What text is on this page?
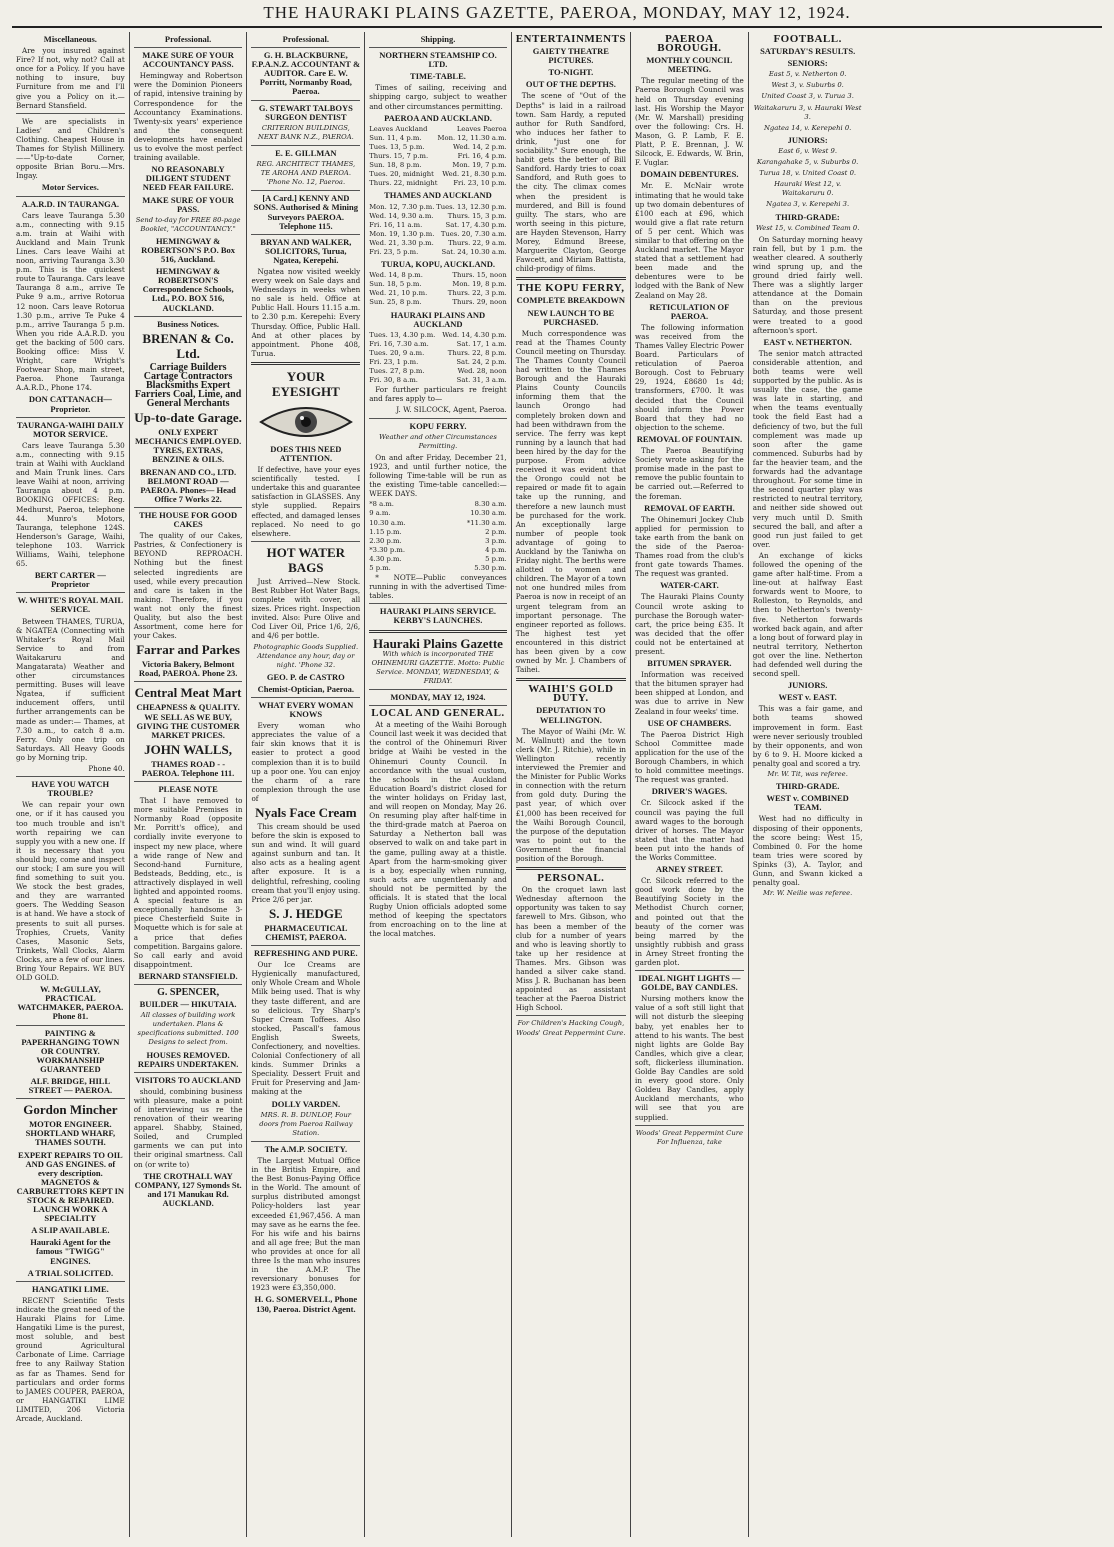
THE HAURAKI PLAINS GAZETTE, PAEROA, MONDAY, MAY 12, 1924.
Miscellaneous.

Are you insured against Fire? If not, why not? Call at once for a Policy. If you have nothing to insure, buy Furniture from me and I'll give you a Policy on it.—Bernard Stansfield.

We are specialists in Ladies' and Children's Clothing. Cheapest House in Thames for Stylish Millinery.——"Up-to-date Corner, opposite Brian Boru.—Mrs. Ingay.

Motor Services.
A.A.R.D. IN TAURANGA.

Cars leave Tauranga 5.30 a.m., connecting with 9.15 a.m. train at Waihi with Auckland and Main Trunk Lines. Cars leave Waihi at noon, arriving Tauranga 3.30 p.m. This is the quickest route to Tauranga. Cars leave Tauranga 8 a.m., arrive Te Puke 9 a.m., arrive Rotorua 12 noon. Cars leave Rotorua 1.30 p.m., arrive Te Puke 4 p.m., arrive Tauranga 5 p.m. When you ride A.A.R.D. you get the backing of 500 cars. Booking office: Miss V. Wright, care Wright's Footwear Shop, main street, Paeroa. Phone Tauranga A.A.R.D., Phone 174.

DON CATTANACH—Proprietor.
TAURANGA-WAIHI DAILY MOTOR SERVICE.

Cars leave Tauranga 5.30 a.m., connecting with 9.15 train at Waihi with Auckland and Main Trunk lines. Cars leave Waihi at noon, arriving Tauranga about 4 p.m. BOOKING OFFICES: Reg. Medhurst, Paeroa, telephone 44. Munro's Motors, Tauranga, telephone 124S. Henderson's Garage, Waihi, telephone 103. Warrick Williams, Waihi, telephone 65.

BERT CARTER — Proprietor
W. WHITE'S ROYAL MAIL SERVICE.

Between THAMES, TURUA, & NGATEA (Connecting with Whitaker's Royal Mail Service to and from Waitakaruru and Mangatarata) Weather and other circumstances permitting. Buses will leave Ngatea, if sufficient inducement offers, until further arrangements can be made as under:— Thames, at 7.30 a.m., to catch 8 a.m. Ferry. Only one trip on Saturdays. All Heavy Goods go by Morning trip.

Phone 40.
HAVE YOU WATCH TROUBLE?

We can repair your own one, or if it has caused you too much trouble and isn't worth repairing we can supply you with a new one. If it is necessary that you should buy, come and inspect our stock; I am sure you will find something to suit you. We stock the best grades, and they are warranted goers. The Wedding Season is at hand. We have a stock of presents to suit all purses. Trophies, Cruets, Vanity Cases, Masonic Sets, Trinkets, Wall Clocks, Alarm Clocks, are a few of our lines. Bring Your Repairs. WE BUY OLD GOLD.

W. McGULLAY, PRACTICAL WATCHMAKER, PAEROA. Phone 81.
PAINTING & PAPERHANGING TOWN OR COUNTRY. WORKMANSHIP GUARANTEED
ALF. BRIDGE, HILL STREET — PAEROA.

Gordon Mincher

MOTOR ENGINEER. SHORTLAND WHARF, THAMES SOUTH.
EXPERT REPAIRS TO OIL AND GAS ENGINES. of every description. MAGNETOS & CARBURETTORS KEPT IN STOCK & REPAIRED. LAUNCH WORK A SPECIALITY
A SLIP AVAILABLE.
Hauraki Agent for the famous "TWIGG" ENGINES.
A TRIAL SOLICITED.
HANGATIKI LIME.

RECENT Scientific Tests indicate the great need of the Hauraki Plains for Lime. Hangatiki Lime is the purest, most soluble, and best ground Agricultural Carbonate of Lime. Carriage free to any Railway Station as far as Thames. Send for particulars and order forms to JAMES COUPER, PAEROA, or HANGATIKI LIME LIMITED, 206 Victoria Arcade, Auckland.

Professional.
MAKE SURE OF YOUR ACCOUNTANCY PASS.

Hemingway and Robertson were the Dominion Pioneers of rapid, intensive training by Correspondence for the Accountancy Examinations. Twenty-six years' experience and the consequent developments have enabled us to evolve the most perfect training available.

NO REASONABLY DILIGENT STUDENT NEED FEAR FAILURE.
MAKE SURE OF YOUR PASS.
Send to-day for FREE 80-page Booklet, "ACCOUNTANCY."
HEMINGWAY & ROBERTSON'S P.O. Box 516, Auckland.
HEMINGWAY & ROBERTSON'S Correspondence Schools, Ltd., P.O. BOX 516, AUCKLAND.
Business Notices.

BRENAN & Co. Ltd.

Carriage Builders Cartage Contractors Blacksmiths Expert Farriers Coal, Lime, and General Merchants

Up-to-date Garage.

ONLY EXPERT MECHANICS EMPLOYED. TYRES, EXTRAS, BENZINE & OILS.
BRENAN AND CO., LTD. BELMONT ROAD — PAEROA. Phones— Head Office 7 Works 22.
THE HOUSE FOR GOOD CAKES

The quality of our Cakes, Pastries, & Confectionery is BEYOND REPROACH. Nothing but the finest selected ingredients are used, while every precaution and care is taken in the making. Therefore, if you want not only the finest Quality, but also the best Assortment, come here for your Cakes.

Farrar and Parkes

Victoria Bakery, Belmont Road, PAEROA. Phone 23.

Central Meat Mart

CHEAPNESS & QUALITY. WE SELL AS WE BUY, GIVING THE CUSTOMER MARKET PRICES.

JOHN WALLS,

THAMES ROAD - - PAEROA. Telephone 111.
PLEASE NOTE

That I have removed to more suitable Premises in Normanby Road (opposite Mr. Porritt's office), and cordially invite everyone to inspect my new place, where a wide range of New and Second-hand Furniture, Bedsteads, Bedding, etc., is attractively displayed in well lighted and appointed rooms. A special feature is an exceptionally handsome 3-piece Chesterfield Suite in Moquette which is for sale at a price that defies competition. Bargains galore. So call early and avoid disappointment.

BERNARD STANSFIELD.

G. SPENCER,

BUILDER — HIKUTAIA.
All classes of building work undertaken. Plans & specifications submitted. 100 Designs to select from.
HOUSES REMOVED. REPAIRS UNDERTAKEN.
VISITORS TO AUCKLAND

should, combining business with pleasure, make a point of interviewing us re the renovation of their wearing apparel. Shabby, Stained, Soiled, and Crumpled garments we can put into their original smartness. Call on (or write to)

THE CROTHALL WAY COMPANY, 127 Symonds St. and 171 Manukau Rd. AUCKLAND.
Professional.
G. H. BLACKBURNE, F.P.A.N.Z. ACCOUNTANT & AUDITOR. Care E. W. Porritt, Normanby Road, Paeroa.
G. STEWART TALBOYS SURGEON DENTIST
CRITERION BUILDINGS, NEXT BANK N.Z., PAEROA.
E. E. GILLMAN
REG. ARCHITECT THAMES, TE AROHA AND PAEROA. 'Phone No. 12, Paeroa.
[A Card.] KENNY AND SONS. Authorised & Mining Surveyors PAEROA. Telephone 115.
BRYAN AND WALKER, SOLICITORS, Turua, Ngatea, Kerepehi.

Ngatea now visited weekly every week on Sale days and Wednesdays in weeks when no sale is held. Office at Public Hall. Hours 11.15 a.m. to 2.30 p.m. Kerepehi: Every Thursday. Office, Public Hall. And at other places by appointment. Phone 408, Turua.

YOUR EYESIGHT

DOES THIS NEED ATTENTION.

If defective, have your eyes scientifically tested. I undertake this and guarantee satisfaction in GLASSES. Any style supplied. Repairs effected, and damaged lenses replaced. No need to go elsewhere.

HOT WATER BAGS

Just Arrived—New Stock. Best Rubber Hot Water Bags, complete with cover, all sizes. Prices right. Inspection invited. Also: Pure Olive and Cod Liver Oil, Price 1/6, 2/6, and 4/6 per bottle.

Photographic Goods Supplied. Attendance any hour, day or night. 'Phone 32.
GEO. P. de CASTRO
Chemist-Optician, Paeroa.
WHAT EVERY WOMAN KNOWS

Every woman who appreciates the value of a fair skin knows that it is easier to protect a good complexion than it is to build up a poor one. You can enjoy the charm of a rare complexion through the use of

Nyals Face Cream

This cream should be used before the skin is exposed to sun and wind. It will guard against sunburn and tan. It also acts as a healing agent after exposure. It is a delightful, refreshing, cooling cream that you'll enjoy using. Price 2/6 per jar.

S. J. HEDGE

PHARMACEUTICAL CHEMIST, PAEROA.
REFRESHING AND PURE.

Our Ice Creams are Hygienically manufactured, only Whole Cream and Whole Milk being used. That is why they taste different, and are so delicious. Try Sharp's Super Cream Toffees. Also stocked, Pascall's famous English Sweets, Confectionery, and novelties. Colonial Confectionery of all kinds. Summer Drinks a Speciality. Dessert Fruit and Fruit for Preserving and Jam-making at the

DOLLY VARDEN.
MRS. R. B. DUNLOP, Four doors from Paeroa Railway Station.
The A.M.P. SOCIETY.

The Largest Mutual Office in the British Empire, and the Best Bonus-Paying Office in the World. The amount of surplus distributed amongst Policy-holders last year exceeded £1,967,456. A man may save as he earns the fee. For his wife and his bairns and all age free; But the man who provides at once for all three Is the man who insures in the A.M.P. The reversionary bonuses for 1923 were £3,350,000.

H. G. SOMERVELL, Phone 130, Paeroa. District Agent.
Shipping.
NORTHERN STEAMSHIP CO. LTD.
TIME-TABLE.

Times of sailing, receiving and shipping cargo, subject to weather and other circumstances permitting.

PAEROA AND AUCKLAND.
Leaves Auckland	Leaves Paeroa
Sun. 11, 4 p.m.	Mon. 12, 11.30 a.m.
Tues. 13, 5 p.m.	Wed. 14, 2 p.m.
Thurs. 15, 7 p.m.	Fri. 16, 4 p.m.
Sun. 18, 8 p.m.	Mon. 19, 7 p.m.
Tues. 20, midnight	Wed. 21, 8.30 p.m.
Thurs. 22, midnight	Fri. 23, 10 p.m.
THAMES AND AUCKLAND
Mon. 12, 7.30 p.m.	Tues. 13, 12.30 p.m.
Wed. 14, 9.30 a.m.	Thurs. 15, 3 p.m.
Fri. 16, 11 a.m.	Sat. 17, 4.30 p.m.
Mon. 19, 1.30 p.m.	Tues. 20, 7.30 a.m.
Wed. 21, 3.30 p.m.	Thurs. 22, 9 a.m.
Fri. 23, 5 p.m.	Sat. 24, 10.30 a.m.
TURUA, KOPU, AUCKLAND.
Wed. 14, 8 p.m.	Thurs. 15, noon
Sun. 18, 5 p.m.	Mon. 19, 8 p.m.
Wed. 21, 10 p.m.	Thurs. 22, 3 p.m.
Sun. 25, 8 p.m.	Thurs. 29, noon
HAURAKI PLAINS AND AUCKLAND
Tues. 13, 4.30 p.m.	Wed. 14, 4.30 p.m.
Fri. 16, 7.30 a.m.	Sat. 17, 1 a.m.
Tues. 20, 9 a.m.	Thurs. 22, 8 p.m.
Fri. 23, 1 p.m.	Sat. 24, 2 p.m.
Tues. 27, 8 p.m.	Wed. 28, noon
Fri. 30, 8 a.m.	Sat. 31, 3 a.m.

For further particulars re freight and fares apply to—

J. W. SILCOCK, Agent, Paeroa.
KOPU FERRY.
Weather and other Circumstances Permitting.

On and after Friday, December 21, 1923, and until further notice, the following Time-table will be run as the existing Time-table cancelled:— WEEK DAYS.

*8 a.m.	8.30 a.m.
9 a.m.	10.30 a.m.
10.30 a.m.	*11.30 a.m.
1.15 p.m.	2 p.m.
2.30 p.m.	3 p.m.
*3.30 p.m.	4 p.m.
4.30 p.m.	5 p.m.
5 p.m.	5.30 p.m.

* NOTE—Public conveyances running in with the advertised Time-tables.

HAURAKI PLAINS SERVICE. KERBY'S LAUNCHES.
Hauraki Plains Gazette
With which is incorporated THE OHINEMURI GAZETTE. Motto: Public Service. MONDAY, WEDNESDAY, & FRIDAY.
MONDAY, MAY 12, 1924.
LOCAL AND GENERAL.

At a meeting of the Waihi Borough Council last week it was decided that the control of the Ohinemuri River bridge at Waihi be vested in the Ohinemuri County Council. In accordance with the usual custom, the schools in the Auckland Education Board's district closed for the winter holidays on Friday last, and will reopen on Monday, May 26. On resuming play after half-time in the third-grade match at Paeroa on Saturday a Netherton ball was observed to walk on and take part in the game, pulling away at a thistle. Apart from the harm-smoking giver is a boy, especially when running, such acts are ungentlemanly and should not be permitted by the officials. It is stated that the local Rugby Union officials adopted some method of keeping the spectators from encroaching on to the line at the local matches.

ENTERTAINMENTS
GAIETY THEATRE PICTURES.
TO-NIGHT.
OUT OF THE DEPTHS.

The scene of "Out of the Depths" is laid in a railroad town. Sam Hardy, a reputed author for Ruth Sandford, who induces her father to drink, "just one for sociability." Sure enough, the habit gets the better of Bill Sandford. Hardy tries to coax Sandford, and Ruth goes to the city. The climax comes when the president is murdered, and Bill is found guilty. The stars, who are worth seeing in this picture, are Hayden Stevenson, Harry Morey, Edmund Breese, Marguerite Clayton, George Fawcett, and Miriam Battista, child-prodigy of films.

THE KOPU FERRY,
COMPLETE BREAKDOWN
NEW LAUNCH TO BE PURCHASED.

Much correspondence was read at the Thames County Council meeting on Thursday. The Thames County Council had written to the Thames Borough and the Hauraki Plains County Councils informing them that the launch Orongo had completely broken down and had been withdrawn from the service. The ferry was kept running by a launch that had been hired by the day for the purpose. From advice received it was evident that the Orongo could not be repaired or made fit to again take up the running, and therefore a new launch must be purchased for the work. An exceptionally large number of people took advantage of going to Auckland by the Taniwha on Friday night. The berths were allotted to women and children. The Mayor of a town not one hundred miles from Paeroa is now in receipt of an urgent telegram from an important personage. The engineer reported as follows. The highest test yet encountered in this district has been given by a cow owned by Mr. J. Chambers of Taihei.

WAIHI'S GOLD DUTY.
DEPUTATION TO WELLINGTON.

The Mayor of Waihi (Mr. W. M. Wallnutt) and the town clerk (Mr. J. Ritchie), while in Wellington recently interviewed the Premier and the Minister for Public Works in connection with the return from gold duty. During the past year, of which over £1,000 has been received for the Waihi Borough Council, the purpose of the deputation was to point out to the Government the financial position of the Borough.

PERSONAL.

On the croquet lawn last Wednesday afternoon the opportunity was taken to say farewell to Mrs. Gibson, who has been a member of the club for a number of years and who is leaving shortly to take up her residence at Thames. Mrs. Gibson was handed a silver cake stand. Miss J. R. Buchanan has been appointed as assistant teacher at the Paeroa District High School.

For Children's Hacking Cough, Woods' Great Peppermint Cure.
PAEROA BOROUGH.
MONTHLY COUNCIL MEETING.

The regular meeting of the Paeroa Borough Council was held on Thursday evening last. His Worship the Mayor (Mr. W. Marshall) presiding over the following: Crs. H. Mason, G. P. Lamb, F. E. Platt, P. E. Brennan, J. W. Silcock, E. Edwards, W. Brin, F. Vuglar.

DOMAIN DEBENTURES.

Mr. E. McNair wrote intimating that he would take up two domain debentures of £100 each at £96, which would give a flat rate return of 5 per cent. Which was similar to that offering on the Auckland market. The Mayor stated that a settlement had been made and the debentures were to be lodged with the Bank of New Zealand on May 28.

RETICULATION OF PAEROA.

The following information was received from the Thames Valley Electric Power Board. Particulars of reticulation of Paeroa Borough. Cost to February 29, 1924, £8680 1s 4d; transformers, £700. It was decided that the Council should inform the Power Board that they had no objection to the scheme.

REMOVAL OF FOUNTAIN.

The Paeroa Beautifying Society wrote asking for the promise made in the past to remove the public fountain to be carried out.—Referred to the foreman.

REMOVAL OF EARTH.

The Ohinemuri Jockey Club applied for permission to take earth from the bank on the side of the Paeroa-Thames road from the club's front gate towards Thames. The request was granted.

WATER-CART.

The Hauraki Plains County Council wrote asking to purchase the Borough water-cart, the price being £35. It was decided that the offer could not be entertained at present.

BITUMEN SPRAYER.

Information was received that the bitumen sprayer had been shipped at London, and was due to arrive in New Zealand in four weeks' time.

USE OF CHAMBERS.

The Paeroa District High School Committee made application for the use of the Borough Chambers, in which to hold committee meetings. The request was granted.

DRIVER'S WAGES.

Cr. Silcock asked if the council was paying the full award wages to the borough driver of horses. The Mayor stated that the matter had been put into the hands of the Works Committee.

ARNEY STREET.

Cr. Silcock referred to the good work done by the Beautifying Society in the Methodist Church corner, and pointed out that the beauty of the corner was being marred by the unsightly rubbish and grass in Arney Street fronting the garden plot.

IDEAL NIGHT LIGHTS — GOLDE, BAY CANDLES.

Nursing mothers know the value of a soft still light that will not disturb the sleeping baby, yet enables her to attend to his wants. The best night lights are Golde Bay Candles, which give a clear, soft, flickerless illumination. Golde Bay Candles are sold in every good store. Only Goldeu Bay Candles, apply Auckland merchants, who will see that you are supplied.

Woods' Great Peppermint Cure For Influenza, take
FOOTBALL.
SATURDAY'S RESULTS.
SENIORS:
East 5, v. Netherton 0.
West 3, v. Suburbs 0.
United Coast 3, v. Turua 3.
Waitakaruru 3, v. Hauraki West 3.
Ngatea 14, v. Kerepehi 0.
JUNIORS:
East 6, v. West 9.
Karangahake 5, v. Suburbs 0.
Turua 18, v. United Coast 0.
Hauraki West 12, v. Waitakaruru 0.
Ngatea 3, v. Kerepehi 3.
THIRD-GRADE:
West 15, v. Combined Team 0.

On Saturday morning heavy rain fell, but by 1 p.m. the weather cleared. A southerly wind sprung up, and the ground dried fairly well. There was a slightly larger attendance at the Domain than on the previous Saturday, and those present were treated to a good afternoon's sport.

EAST v. NETHERTON.

The senior match attracted considerable attention, and both teams were well supported by the public. As is usually the case, the game was late in starting, and when the teams eventually took the field East had a deficiency of two, but the full complement was made up soon after the game commenced. Suburbs had by far the heavier team, and the forwards had the advantage throughout. For some time in the second quarter play was restricted to neutral territory, and neither side showed out very much until D. Smith secured the ball, and after a good run just failed to get over.

An exchange of kicks followed the opening of the game after half-time. From a line-out at halfway East forwards went to Moore, to Rolleston, to Reynolds, and then to Netherton's twenty-five. Netherton forwards worked back again, and after a long bout of forward play in neutral territory, Netherton got over the line. Netherton had defended well during the second spell.

JUNIORS.
WEST v. EAST.

This was a fair game, and both teams showed improvement in form. East were never seriously troubled by their opponents, and won by 6 to 9. H. Moore kicked a penalty goal and scored a try.

Mr. W. Tit, was referee.
THIRD-GRADE.
WEST v. COMBINED TEAM.

West had no difficulty in disposing of their opponents, the score being: West 15, Combined 0. For the home team tries were scored by Spinks (3), A. Taylor, and Gunn, and Swann kicked a penalty goal.

Mr. W. Neilie was referee.
